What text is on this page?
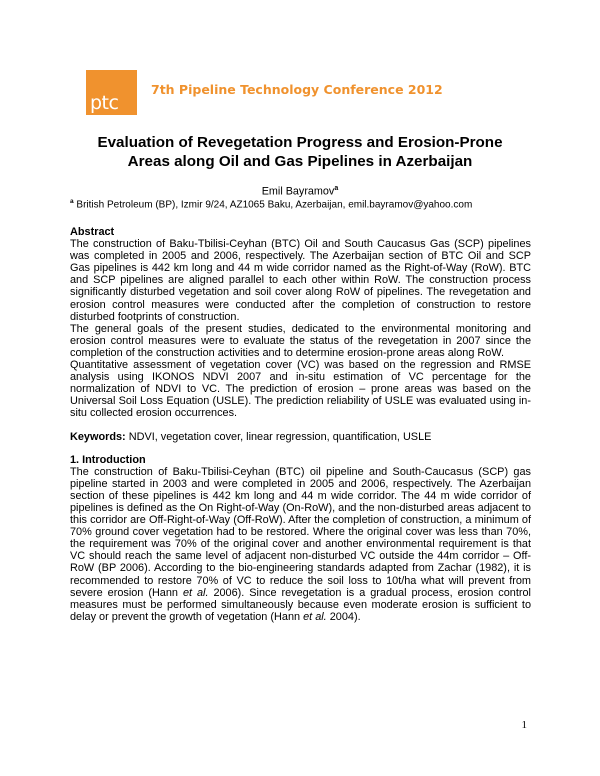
ptc
7th Pipeline Technology Conference 2012
Evaluation of Revegetation Progress and Erosion-Prone
Areas along Oil and Gas Pipelines in Azerbaijan
Emil Bayramov$^a$
$^a$ British Petroleum (BP), Izmir 9/24, AZ1065 Baku, Azerbaijan, emil.bayramov@yahoo.com

Abstract

The construction of Baku-Tbilisi-Ceyhan (BTC) Oil and South Caucasus Gas (SCP) pipelines was completed in 2005 and 2006, respectively. The Azerbaijan section of BTC Oil and SCP Gas pipelines is 442 km long and 44 m wide corridor named as the Right-of-Way (RoW). BTC and SCP pipelines are aligned parallel to each other within RoW. The construction process significantly disturbed vegetation and soil cover along RoW of pipelines. The revegetation and erosion control measures were conducted after the completion of construction to restore disturbed footprints of construction.

The general goals of the present studies, dedicated to the environmental monitoring and erosion control measures were to evaluate the status of the revegetation in 2007 since the completion of the construction activities and to determine erosion-prone areas along RoW.

Quantitative assessment of vegetation cover (VC) was based on the regression and RMSE analysis using IKONOS NDVI 2007 and in-situ estimation of VC percentage for the normalization of NDVI to VC. The prediction of erosion – prone areas was based on the Universal Soil Loss Equation (USLE). The prediction reliability of USLE was evaluated using in-situ collected erosion occurrences.

Keywords: NDVI, vegetation cover, linear regression, quantification, USLE

1. Introduction

The construction of Baku-Tbilisi-Ceyhan (BTC) oil pipeline and South-Caucasus (SCP) gas pipeline started in 2003 and were completed in 2005 and 2006, respectively. The Azerbaijan section of these pipelines is 442 km long and 44 m wide corridor. The 44 m wide corridor of pipelines is defined as the On Right-of-Way (On-RoW), and the non-disturbed areas adjacent to this corridor are Off-Right-of-Way (Off-RoW). After the completion of construction, a minimum of 70% ground cover vegetation had to be restored. Where the original cover was less than 70%, the requirement was 70% of the original cover and another environmental requirement is that VC should reach the same level of adjacent non-disturbed VC outside the 44m corridor – Off-RoW (BP 2006). According to the bio-engineering standards adapted from Zachar (1982), it is recommended to restore 70% of VC to reduce the soil loss to 10t/ha what will prevent from severe erosion (Hann et al. 2006). Since revegetation is a gradual process, erosion control measures must be performed simultaneously because even moderate erosion is sufficient to delay or prevent the growth of vegetation (Hann et al. 2004).

1
